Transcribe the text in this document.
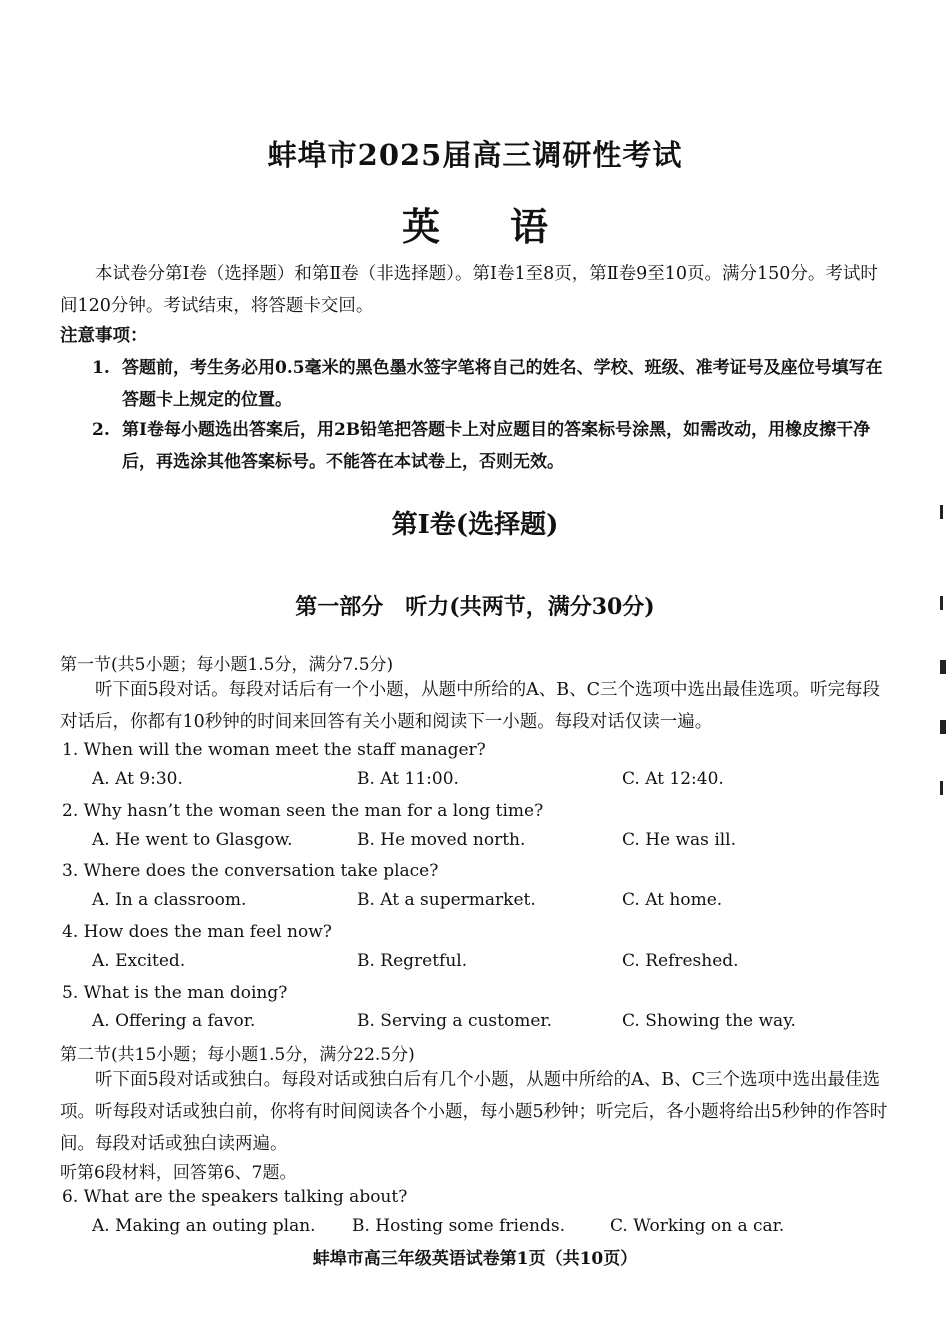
蚌埠市2025届高三调研性考试
英语
本试卷分第Ⅰ卷（选择题）和第Ⅱ卷（非选择题）。第Ⅰ卷1至8页，第Ⅱ卷9至10页。满分150分。考试时间120分钟。考试结束，将答题卡交回。
注意事项：
1. 答题前，考生务必用0.5毫米的黑色墨水签字笔将自己的姓名、学校、班级、准考证号及座位号填写在答题卡上规定的位置。
2. 第Ⅰ卷每小题选出答案后，用2B铅笔把答题卡上对应题目的答案标号涂黑，如需改动，用橡皮擦干净后，再选涂其他答案标号。不能答在本试卷上，否则无效。
第Ⅰ卷(选择题)
第一部分　听力(共两节，满分30分)
第一节(共5小题；每小题1.5分，满分7.5分)
听下面5段对话。每段对话后有一个小题，从题中所给的A、B、C三个选项中选出最佳选项。听完每段对话后，你都有10秒钟的时间来回答有关小题和阅读下一小题。每段对话仅读一遍。
1. When will the woman meet the staff manager?
A. At 9:30.	B. At 11:00.	C. At 12:40.
2. Why hasn’t the woman seen the man for a long time?
A. He went to Glasgow.	B. He moved north.	C. He was ill.
3. Where does the conversation take place?
A. In a classroom.	B. At a supermarket.	C. At home.
4. How does the man feel now?
A. Excited.	B. Regretful.	C. Refreshed.
5. What is the man doing?
A. Offering a favor.	B. Serving a customer.	C. Showing the way.
第二节(共15小题；每小题1.5分，满分22.5分)
听下面5段对话或独白。每段对话或独白后有几个小题，从题中所给的A、B、C三个选项中选出最佳选项。听每段对话或独白前，你将有时间阅读各个小题，每小题5秒钟；听完后，各小题将给出5秒钟的作答时间。每段对话或独白读两遍。
听第6段材料，回答第6、7题。
6. What are the speakers talking about?
A. Making an outing plan. B. Hosting some friends.	C. Working on a car.
蚌埠市高三年级英语试卷第1页（共10页）
